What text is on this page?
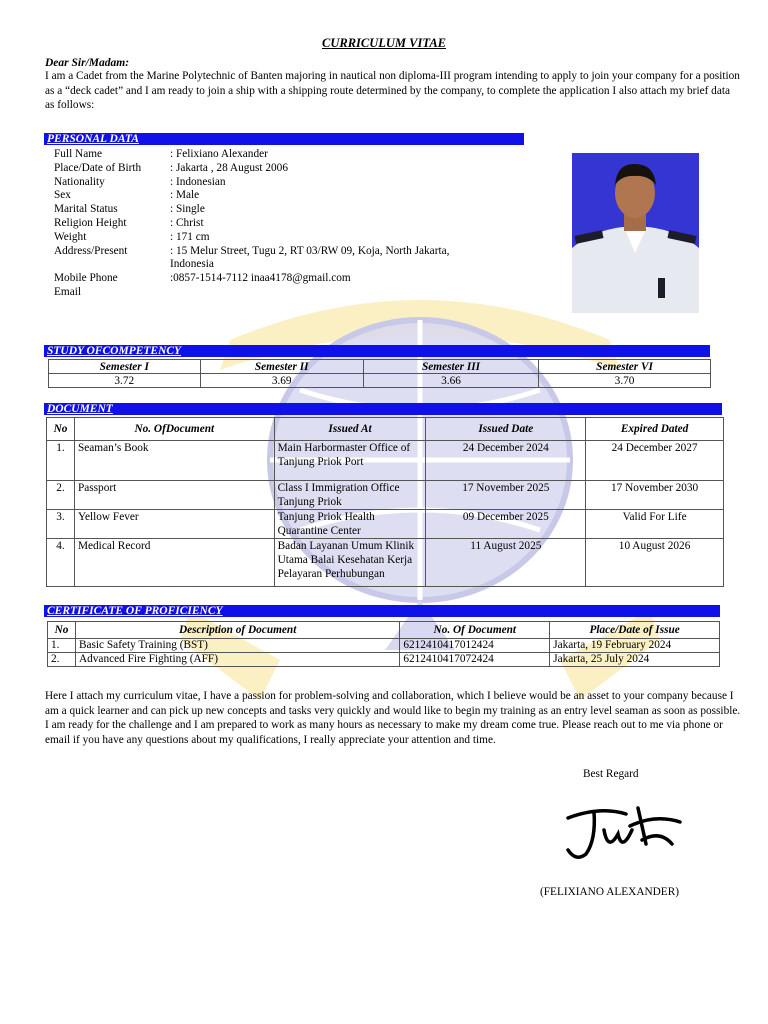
CURRICULUM VITAE
Dear Sir/Madam:
I am a Cadet from the Marine Polytechnic of Banten majoring in nautical non diploma-III program intending to apply to join your company for a position as a “deck cadet” and I am ready to join a ship with a shipping route determined by the company, to complete the application I also attach my brief data as follows:
PERSONAL DATA
Full Name	: Felixiano Alexander
Place/Date of Birth	: Jakarta , 28 August 2006
Nationality	: Indonesian
Sex	: Male
Marital Status	: Single
Religion Height	: Christ
Weight	: 171 cm
Address/Present	: 15 Melur Street, Tugu 2, RT 03/RW 09, Koja, North Jakarta,
	Indonesia
Mobile Phone	:0857-1514-7112 inaa4178@gmail.com
Email	
STUDY OFCOMPETENCY
Semester I	Semester II	Semester III	Semester VI
3.72	3.69	3.66	3.70
DOCUMENT
No	No. OfDocument	Issued At	Issued Date	Expired Dated
1.	Seaman’s Book	Main Harbormaster Office of Tanjung Priok Port	24 December 2024	24 December 2027
2.	Passport	Class I Immigration Office Tanjung Priok	17 November 2025	17 November 2030
3.	Yellow Fever	Tanjung Priok Health Quarantine Center	09 December 2025	Valid For Life
4.	Medical Record	Badan Layanan Umum Klinik Utama Balai Kesehatan Kerja Pelayaran Perhubungan	11 August 2025	10 August 2026
CERTIFICATE OF PROFICIENCY
No	Description of Document	No. Of Document	Place/Date of Issue
1.	Basic Safety Training (BST)	6212410417012424	Jakarta, 19 February 2024
2.	Advanced Fire Fighting (AFF)	6212410417072424	Jakarta, 25 July 2024
Here I attach my curriculum vitae, I have a passion for problem-solving and collaboration, which I believe would be an asset to your company because I am a quick learner and can pick up new concepts and tasks very quickly and would like to begin my training as an entry level seaman as soon as possible. I am ready for the challenge and I am prepared to work as many hours as necessary to make my dream come true. Please reach out to me via phone or email if you have any questions about my qualifications, I really appreciate your attention and time.
Best Regard
(FELIXIANO ALEXANDER)
